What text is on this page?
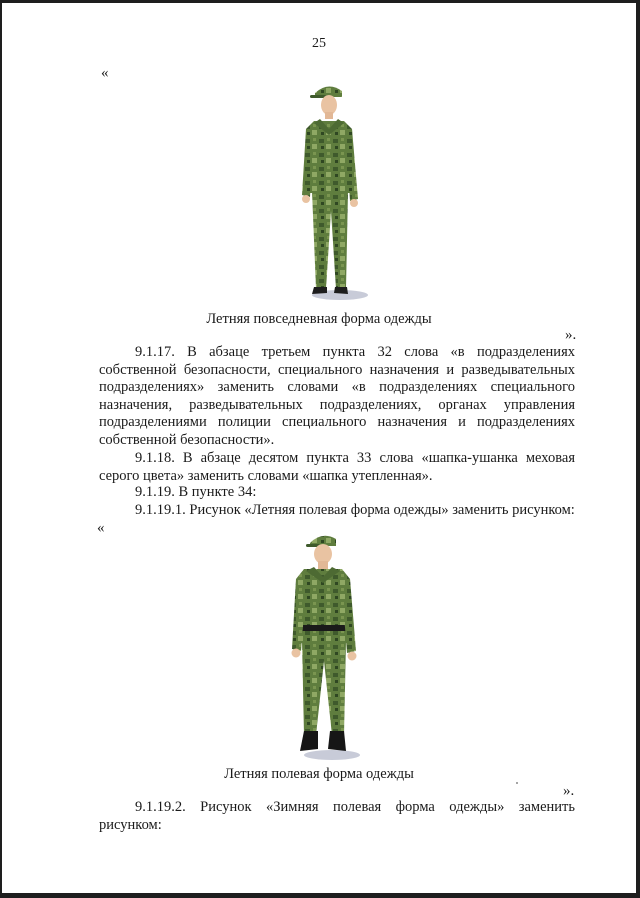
25
«
Летняя повседневная форма одежды
».

9.1.17. В абзаце третьем пункта 32 слова «в подразделениях собственной безопасности, специального назначения и разведывательных подразделениях» заменить словами «в подразделениях специального назначения, разведывательных подразделениях, органах управления подразделениями полиции специального назначения и подразделениях собственной безопасности».

9.1.18. В абзаце десятом пункта 33 слова «шапка-ушанка меховая серого цвета» заменить словами «шапка утепленная».

9.1.19. В пункте 34:

9.1.19.1. Рисунок «Летняя полевая форма одежды» заменить рисунком:

«
Летняя полевая форма одежды
».

9.1.19.2. Рисунок «Зимняя полевая форма одежды» заменить рисунком:
